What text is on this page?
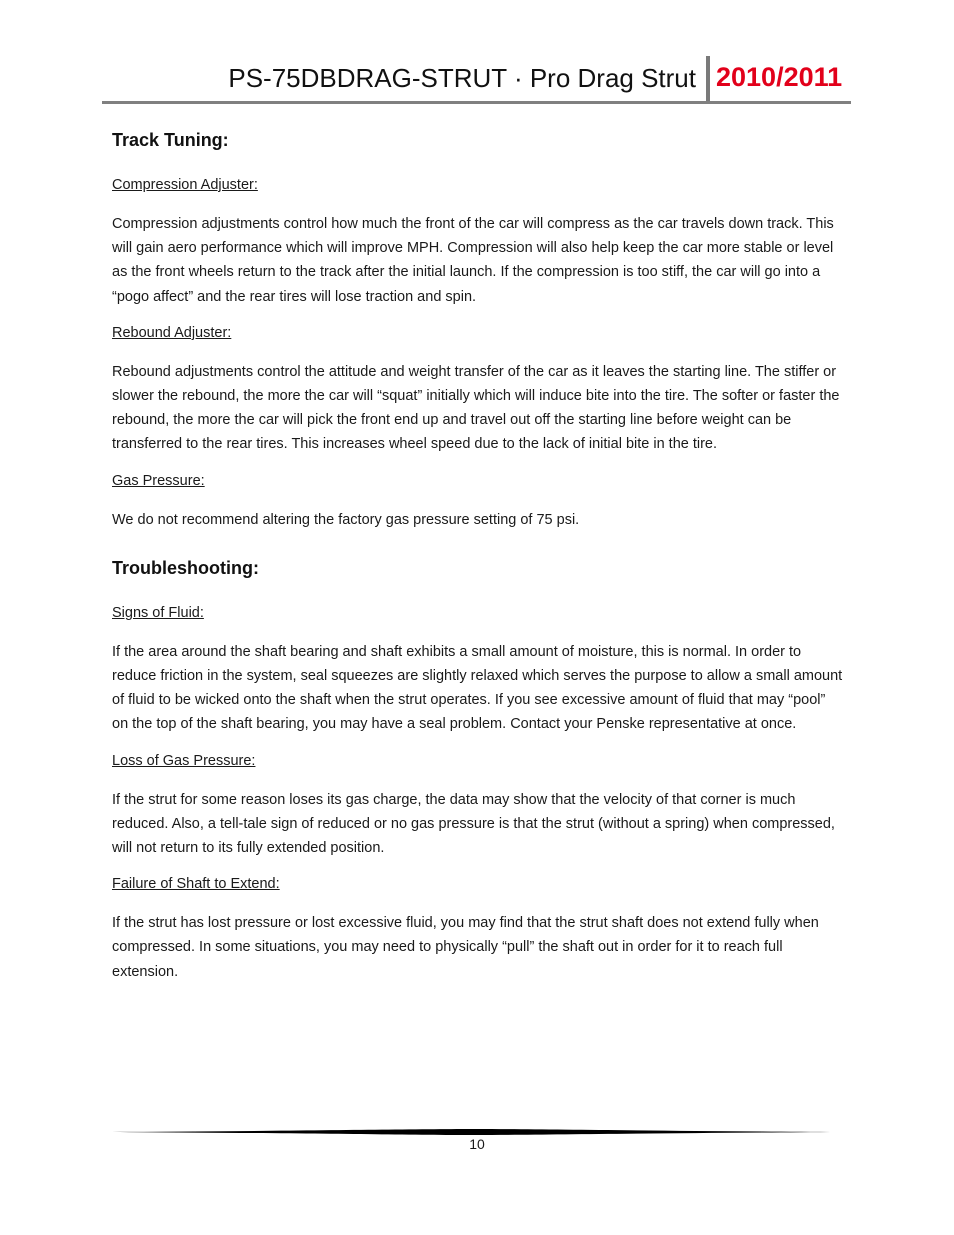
PS-75DBDRAG-STRUT · Pro Drag Strut 2010/2011
Track Tuning:
Compression Adjuster:

Compression adjustments control how much the front of the car will compress as the car travels down track. This will gain aero performance which will improve MPH. Compression will also help keep the car more stable or level as the front wheels return to the track after the initial launch. If the compression is too stiff, the car will go into a “pogo affect” and the rear tires will lose traction and spin.

Rebound Adjuster:

Rebound adjustments control the attitude and weight transfer of the car as it leaves the starting line. The stiffer or slower the rebound, the more the car will “squat” initially which will induce bite into the tire. The softer or faster the rebound, the more the car will pick the front end up and travel out off the starting line before weight can be transferred to the rear tires. This increases wheel speed due to the lack of initial bite in the tire.

Gas Pressure:

We do not recommend altering the factory gas pressure setting of 75 psi.

Troubleshooting:
Signs of Fluid:

If the area around the shaft bearing and shaft exhibits a small amount of moisture, this is normal. In order to reduce friction in the system, seal squeezes are slightly relaxed which serves the purpose to allow a small amount of fluid to be wicked onto the shaft when the strut operates. If you see excessive amount of fluid that may “pool” on the top of the shaft bearing, you may have a seal problem. Contact your Penske representative at once.

Loss of Gas Pressure:

If the strut for some reason loses its gas charge, the data may show that the velocity of that corner is much reduced. Also, a tell-tale sign of reduced or no gas pressure is that the strut (without a spring) when compressed, will not return to its fully extended position.

Failure of Shaft to Extend:

If the strut has lost pressure or lost excessive fluid, you may find that the strut shaft does not extend fully when compressed. In some situations, you may need to physically “pull” the shaft out in order for it to reach full extension.

10
